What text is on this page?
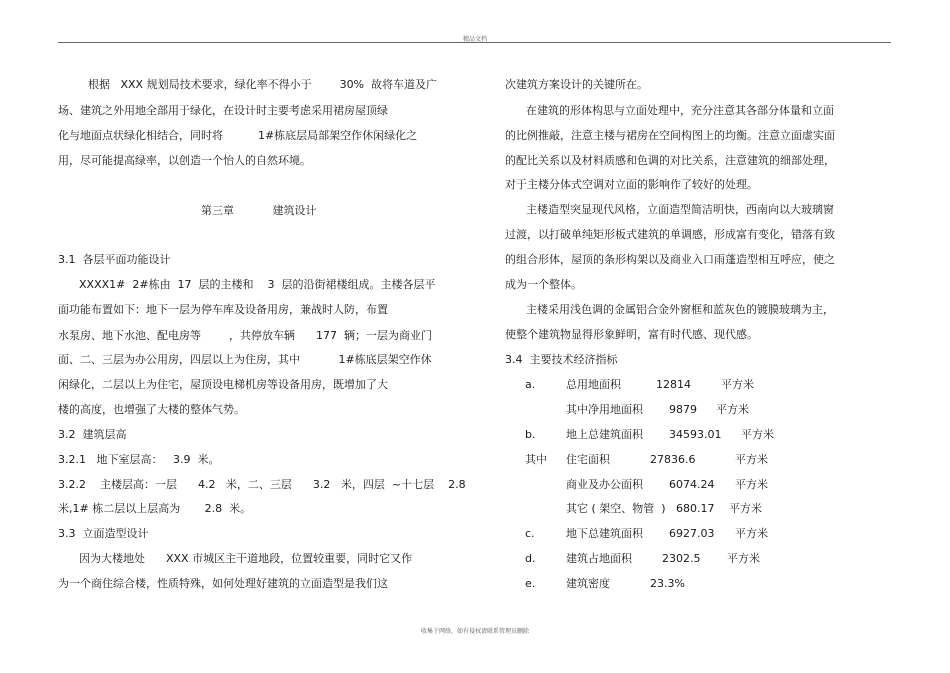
精品文档
根据   XXX 规划局技术要求，绿化率不得小于        30%  故将车道及广
场、建筑之外用地全部用于绿化，在设计时主要考虑采用裙房屋顶绿
化与地面点状绿化相结合，同时将          1#栋底层局部架空作休闲绿化之
用，尽可能提高绿率，以创造一个怡人的自然环境。
第三章           建筑设计
3.1  各层平面功能设计
XXXX1#  2#栋由  17  层的主楼和    3  层的沿街裙楼组成。主楼各层平
面功能布置如下：地下一层为停车库及设备用房，兼战时人防，布置
水泵房、地下水池、配电房等        ，共停放车辆      177  辆；一层为商业门
面、二、三层为办公用房，四层以上为住房，其中           1#栋底层架空作休
闲绿化，二层以上为住宅，屋顶设电梯机房等设备用房，既增加了大
楼的高度，也增强了大楼的整体气势。
3.2  建筑层高
3.2.1   地下室层高：   3.9  米。
3.2.2    主楼层高：一层      4.2   米，二、三层      3.2   米，四层  ~十七层    2.8
米,1# 栋二层以上层高为       2.8  米。
3.3  立面造型设计
因为大楼地处      XXX 市城区主干道地段，位置较重要，同时它又作
为一个商住综合楼，性质特殊，如何处理好建筑的立面造型是我们这
次建筑方案设计的关键所在。
在建筑的形体构思与立面处理中，充分注意其各部分体量和立面
的比例推敲，注意主楼与裙房在空间构图上的均衡。注意立面虚实面
的配比关系以及材料质感和色调的对比关系，注意建筑的细部处理，
对于主楼分体式空调对立面的影响作了较好的处理。
主楼造型突显现代风格，立面造型简洁明快，西南向以大玻璃窗
过渡，以打破单纯矩形板式建筑的单调感，形成富有变化，错落有致
的组合形体，屋顶的条形构架以及商业入口雨蓬造型相互呼应，使之
成为一个整体。
主楼采用浅色调的金属铝合金外窗框和蓝灰色的镀膜玻璃为主，
使整个建筑物显得形象鲜明，富有时代感、现代感。
3.4  主要技术经济指标
a.	总用地面积	12814	平方米
其中净用地面积 9879 平方米
b.	地上总建筑面积 34593.01 平方米
其中 住宅面积	27836.6	平方米
商业及办公面积 6074.24 平方米
其它 ( 架空、物管  ) 680.17 平方米
c.	地下总建筑面积 6927.03 平方米
d.	建筑占地面积	2302.5 平方米
e.	建筑密度	23.3%
收集于网络，如有侵权请联系管理员删除
